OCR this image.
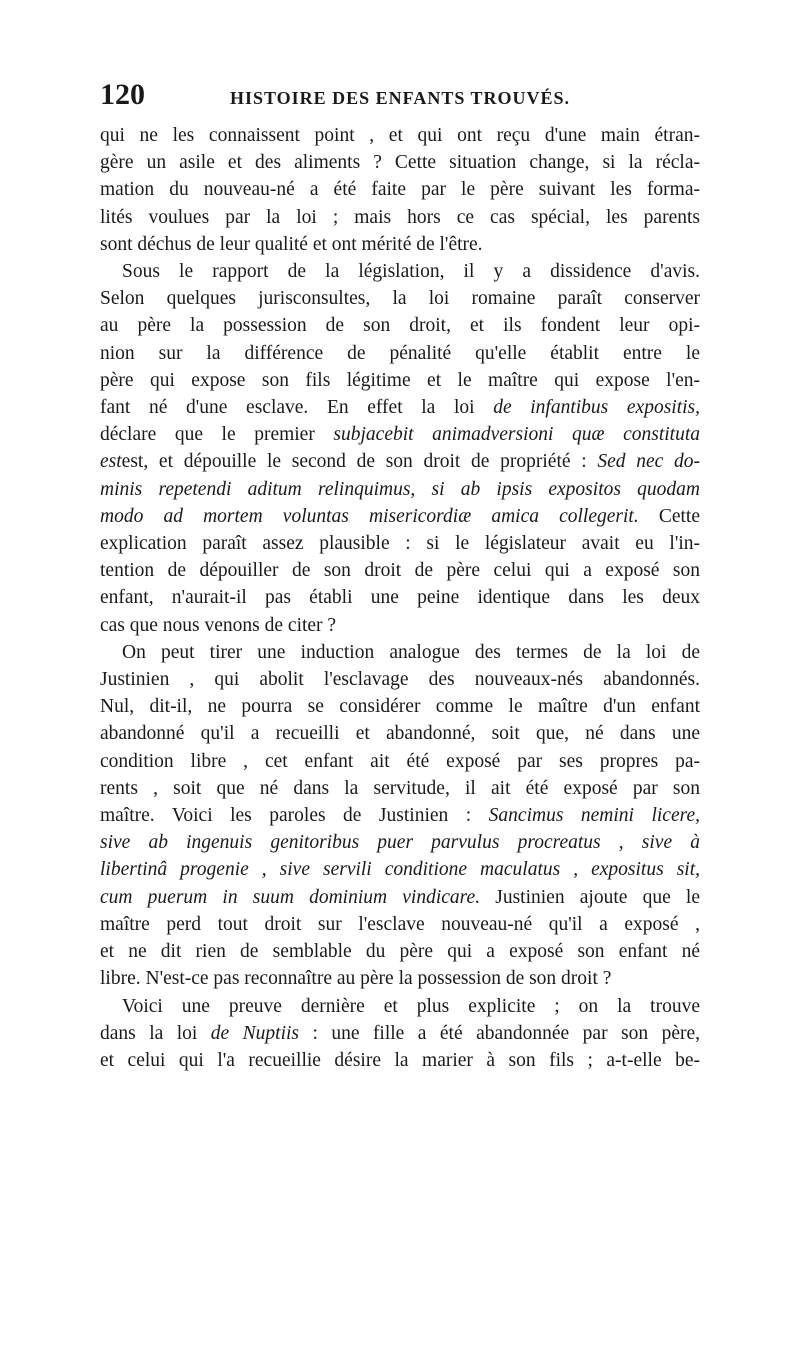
120	HISTOIRE DES ENFANTS TROUVÉS.
qui ne les connaissent point , et qui ont reçu d'une main étran-
gère un asile et des aliments ? Cette situation change, si la récla-
mation du nouveau-né a été faite par le père suivant les forma-
lités voulues par la loi ; mais hors ce cas spécial, les parents
sont déchus de leur qualité et ont mérité de l'être.
Sous le rapport de la législation, il y a dissidence d'avis.
Selon quelques jurisconsultes, la loi romaine paraît conserver
au père la possession de son droit, et ils fondent leur opi-
nion sur la différence de pénalité qu'elle établit entre le
père qui expose son fils légitime et le maître qui expose l'en-
fant né d'une esclave. En effet la loi de infantibus expositis,
déclare que le premier subjacebit animadversioni quæ constituta
estest, et dépouille le second de son droit de propriété : Sed nec do-
minis repetendi aditum relinquimus, si ab ipsis expositos quodam
modo ad mortem voluntas misericordiæ amica collegerit. Cette
explication paraît assez plausible : si le législateur avait eu l'in-
tention de dépouiller de son droit de père celui qui a exposé son
enfant, n'aurait-il pas établi une peine identique dans les deux
cas que nous venons de citer ?
On peut tirer une induction analogue des termes de la loi de
Justinien , qui abolit l'esclavage des nouveaux-nés abandonnés.
Nul, dit-il, ne pourra se considérer comme le maître d'un enfant
abandonné qu'il a recueilli et abandonné, soit que, né dans une
condition libre , cet enfant ait été exposé par ses propres pa-
rents , soit que né dans la servitude, il ait été exposé par son
maître. Voici les paroles de Justinien : Sancimus nemini licere,
sive ab ingenuis genitoribus puer parvulus procreatus , sive à
libertinâ progenie , sive servili conditione maculatus , expositus sit,
cum puerum in suum dominium vindicare. Justinien ajoute que le
maître perd tout droit sur l'esclave nouveau-né qu'il a exposé ,
et ne dit rien de semblable du père qui a exposé son enfant né
libre. N'est-ce pas reconnaître au père la possession de son droit ?
Voici une preuve dernière et plus explicite ; on la trouve
dans la loi de Nuptiis : une fille a été abandonnée par son père,
et celui qui l'a recueillie désire la marier à son fils ; a-t-elle be-
